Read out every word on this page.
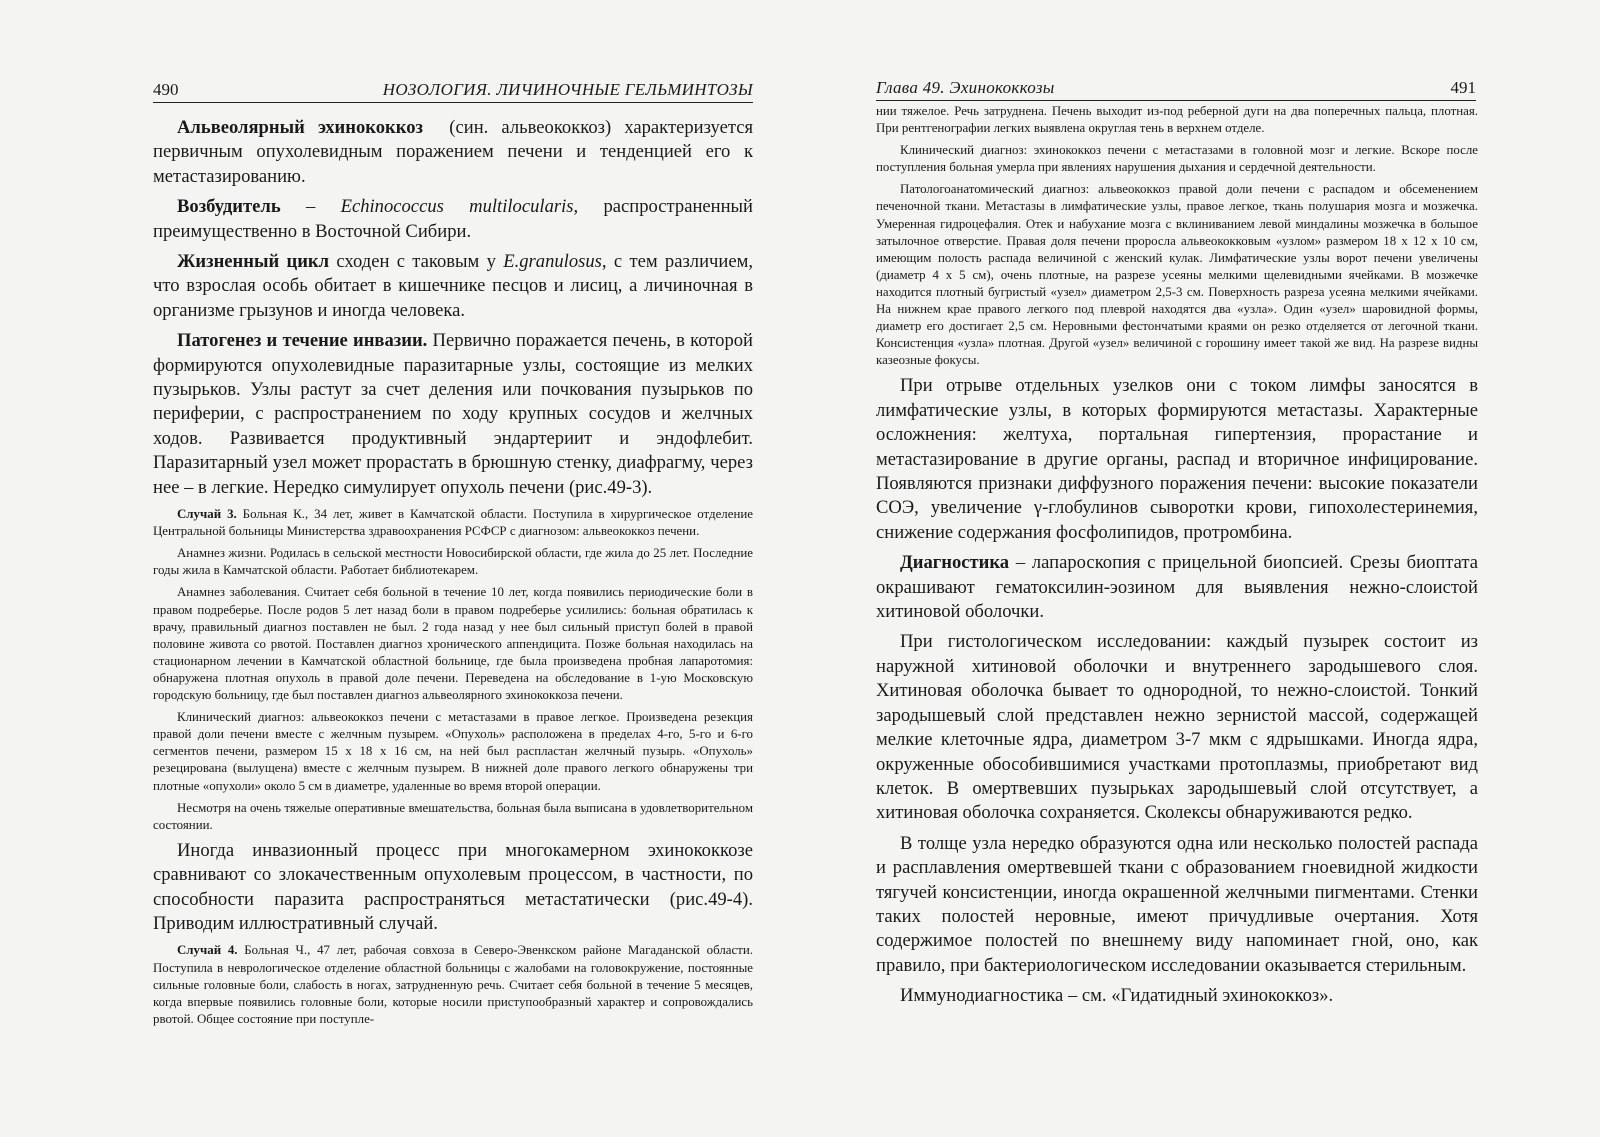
490	НОЗОЛОГИЯ. ЛИЧИНОЧНЫЕ ГЕЛЬМИНТОЗЫ

Альвеолярный эхинококкоз (син. альвеококкоз) характеризуется первичным опухолевидным поражением печени и тенденцией его к метастазированию.

Возбудитель – Echinococcus multilocularis, распространенный преимущественно в Восточной Сибири.

Жизненный цикл сходен с таковым у E.granulosus, с тем различием, что взрослая особь обитает в кишечнике песцов и лисиц, а личиночная в организме грызунов и иногда человека.

Патогенез и течение инвазии. Первично поражается печень, в которой формируются опухолевидные паразитарные узлы, состоящие из мелких пузырьков. Узлы растут за счет деления или почкования пузырьков по периферии, с распространением по ходу крупных сосудов и желчных ходов. Развивается продуктивный эндартериит и эндофлебит. Паразитарный узел может прорастать в брюшную стенку, диафрагму, через нее – в легкие. Нередко симулирует опухоль печени (рис.49-3).

Случай 3. Больная К., 34 лет, живет в Камчатской области. Поступила в хирургическое отделение Центральной больницы Министерства здравоохранения РСФСР с диагнозом: альвеококкоз печени.

Анамнез жизни. Родилась в сельской местности Новосибирской области, где жила до 25 лет. Последние годы жила в Камчатской области. Работает библиотекарем.

Анамнез заболевания. Считает себя больной в течение 10 лет, когда появились периодические боли в правом подреберье. После родов 5 лет назад боли в правом подреберье усилились: больная обратилась к врачу, правильный диагноз поставлен не был. 2 года назад у нее был сильный приступ болей в правой половине живота со рвотой. Поставлен диагноз хронического аппендицита. Позже больная находилась на стационарном лечении в Камчатской областной больнице, где была произведена пробная лапаротомия: обнаружена плотная опухоль в правой доле печени. Переведена на обследование в 1-ую Московскую городскую больницу, где был поставлен диагноз альвеолярного эхинококкоза печени.

Клинический диагноз: альвеококкоз печени с метастазами в правое легкое. Произведена резекция правой доли печени вместе с желчным пузырем. «Опухоль» расположена в пределах 4-го, 5-го и 6-го сегментов печени, размером 15 x 18 x 16 см, на ней был распластан желчный пузырь. «Опухоль» резецирована (вылущена) вместе с желчным пузырем. В нижней доле правого легкого обнаружены три плотные «опухоли» около 5 см в диаметре, удаленные во время второй операции.

Несмотря на очень тяжелые оперативные вмешательства, больная была выписана в удовлетворительном состоянии.

Иногда инвазионный процесс при многокамерном эхинококкозе сравнивают со злокачественным опухолевым процессом, в частности, по способности паразита распространяться метастатически (рис.49-4). Приводим иллюстративный случай.

Случай 4. Больная Ч., 47 лет, рабочая совхоза в Северо-Эвенкском районе Магаданской области. Поступила в неврологическое отделение областной больницы с жалобами на головокружение, постоянные сильные головные боли, слабость в ногах, затрудненную речь. Считает себя больной в течение 5 месяцев, когда впервые появились головные боли, которые носили приступообразный характер и сопровождались рвотой. Общее состояние при поступле-

Глава 49. Эхинококкозы	491

нии тяжелое. Речь затруднена. Печень выходит из-под реберной дуги на два поперечных пальца, плотная. При рентгенографии легких выявлена округлая тень в верхнем отделе.

Клинический диагноз: эхинококкоз печени с метастазами в головной мозг и легкие. Вскоре после поступления больная умерла при явлениях нарушения дыхания и сердечной деятельности.

Патологоанатомический диагноз: альвеококкоз правой доли печени с распадом и обсеменением печеночной ткани. Метастазы в лимфатические узлы, правое легкое, ткань полушария мозга и мозжечка. Умеренная гидроцефалия. Отек и набухание мозга с вклиниванием левой миндалины мозжечка в большое затылочное отверстие. Правая доля печени проросла альвеококковым «узлом» размером 18 x 12 x 10 см, имеющим полость распада величиной с женский кулак. Лимфатические узлы ворот печени увеличены (диаметр 4 x 5 см), очень плотные, на разрезе усеяны мелкими щелевидными ячейками. В мозжечке находится плотный бугристый «узел» диаметром 2,5-3 см. Поверхность разреза усеяна мелкими ячейками. На нижнем крае правого легкого под плеврой находятся два «узла». Один «узел» шаровидной формы, диаметр его достигает 2,5 см. Неровными фестончатыми краями он резко отделяется от легочной ткани. Консистенция «узла» плотная. Другой «узел» величиной с горошину имеет такой же вид. На разрезе видны казеозные фокусы.

При отрыве отдельных узелков они с током лимфы заносятся в лимфатические узлы, в которых формируются метастазы. Характерные осложнения: желтуха, портальная гипертензия, прорастание и метастазирование в другие органы, распад и вторичное инфицирование. Появляются признаки диффузного поражения печени: высокие показатели СОЭ, увеличение γ-глобулинов сыворотки крови, гипохолестеринемия, снижение содержания фосфолипидов, протромбина.

Диагностика – лапароскопия с прицельной биопсией. Срезы биоптата окрашивают гематоксилин-эозином для выявления нежно-слоистой хитиновой оболочки.

При гистологическом исследовании: каждый пузырек состоит из наружной хитиновой оболочки и внутреннего зародышевого слоя. Хитиновая оболочка бывает то однородной, то нежно-слоистой. Тонкий зародышевый слой представлен нежно зернистой массой, содержащей мелкие клеточные ядра, диаметром 3-7 мкм с ядрышками. Иногда ядра, окруженные обособившимися участками протоплазмы, приобретают вид клеток. В омертвевших пузырьках зародышевый слой отсутствует, а хитиновая оболочка сохраняется. Сколексы обнаруживаются редко.

В толще узла нередко образуются одна или несколько полостей распада и расплавления омертвевшей ткани с образованием гноевидной жидкости тягучей консистенции, иногда окрашенной желчными пигментами. Стенки таких полостей неровные, имеют причудливые очертания. Хотя содержимое полостей по внешнему виду напоминает гной, оно, как правило, при бактериологическом исследовании оказывается стерильным.

Иммунодиагностика – см. «Гидатидный эхинококкоз».
